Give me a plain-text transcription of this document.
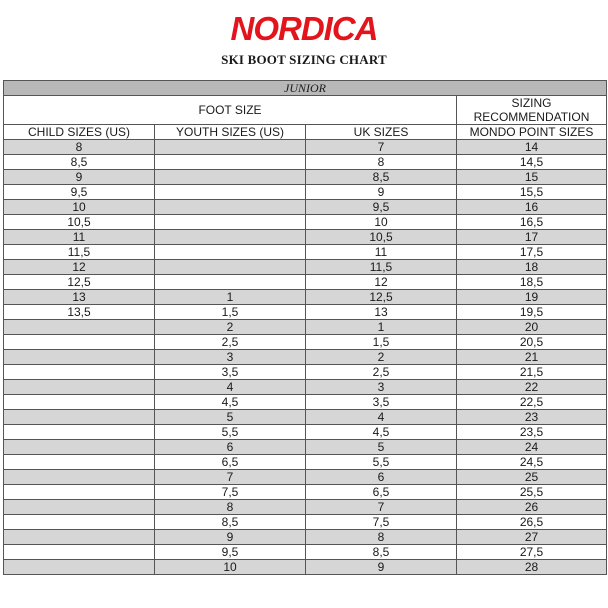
NORDICA
SKI BOOT SIZING CHART
JUNIOR			
FOOT SIZE			SIZING RECOMMENDATION
CHILD SIZES (US)	YOUTH SIZES (US)	UK SIZES	MONDO POINT SIZES
8		7	14
8,5		8	14,5
9		8,5	15
9,5		9	15,5
10		9,5	16
10,5		10	16,5
11		10,5	17
11,5		11	17,5
12		11,5	18
12,5		12	18,5
13	1	12,5	19
13,5	1,5	13	19,5
	2	1	20
	2,5	1,5	20,5
	3	2	21
	3,5	2,5	21,5
	4	3	22
	4,5	3,5	22,5
	5	4	23
	5,5	4,5	23,5
	6	5	24
	6,5	5,5	24,5
	7	6	25
	7,5	6,5	25,5
	8	7	26
	8,5	7,5	26,5
	9	8	27
	9,5	8,5	27,5
	10	9	28
